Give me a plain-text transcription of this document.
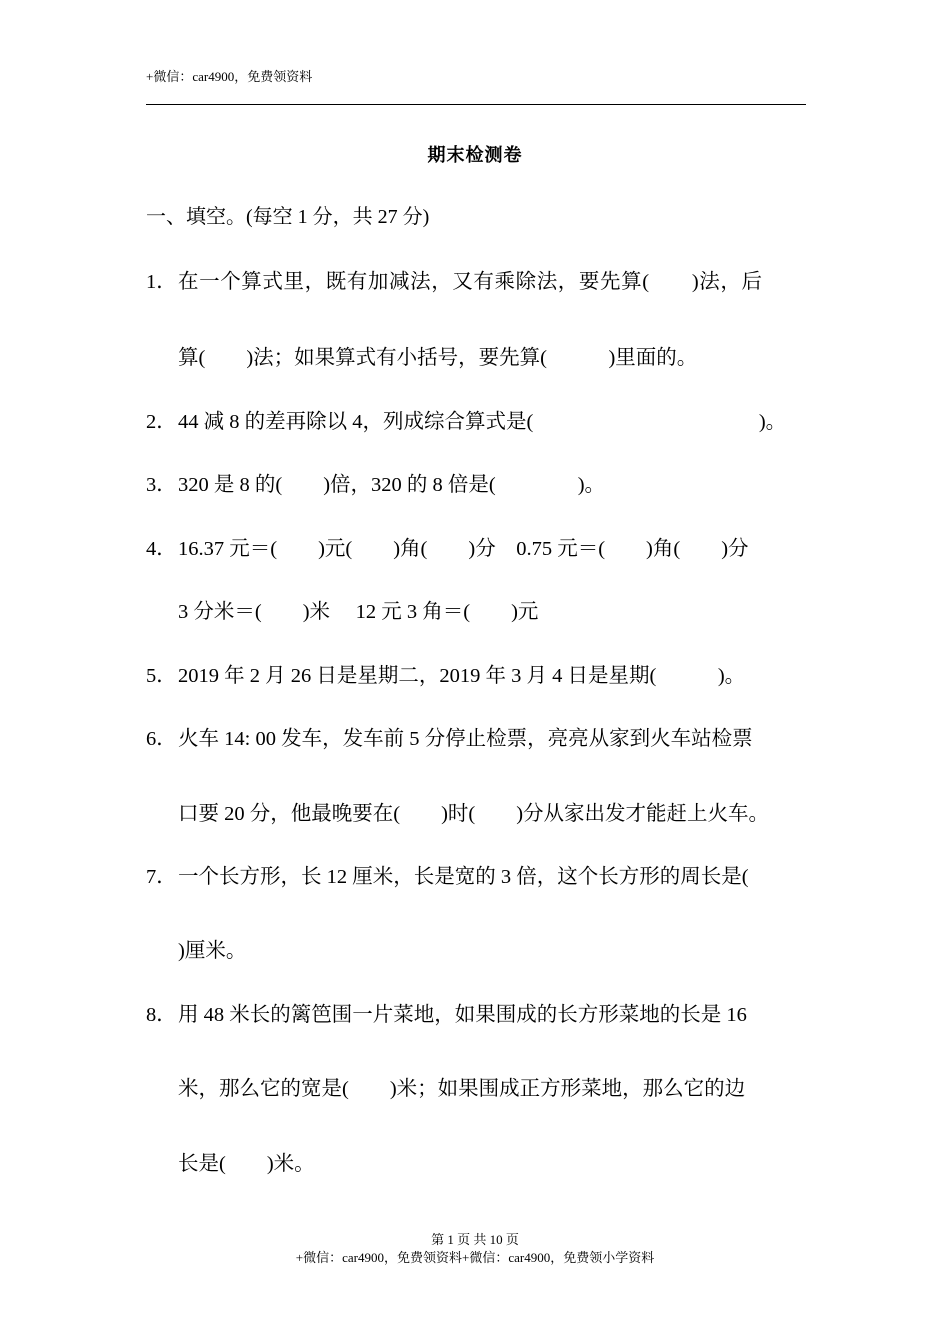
+微信：car4900，免费领资料
期末检测卷
一、填空。(每空 1 分，共 27 分)
1． 在一个算式里，既有加减法，又有乘除法，要先算(　　)法，后
算(　　)法；如果算式有小括号，要先算(　　　)里面的。
2． 44 减 8 的差再除以 4，列成综合算式是(　　　　　　　　　　　)。
3． 320 是 8 的(　　)倍，320 的 8 倍是(　　　　)。
4． 16.37 元＝(　　)元(　　)角(　　)分　0.75 元＝(　　)角(　　)分
3 分米＝(　　)米　 12 元 3 角＝(　　)元
5． 2019 年 2 月 26 日是星期二，2019 年 3 月 4 日是星期(　　　)。
6． 火车 14: 00 发车，发车前 5 分停止检票，亮亮从家到火车站检票
口要 20 分，他最晚要在(　　)时(　　)分从家出发才能赶上火车。
7． 一个长方形，长 12 厘米，长是宽的 3 倍，这个长方形的周长是(
)厘米。
8． 用 48 米长的篱笆围一片菜地，如果围成的长方形菜地的长是 16
米，那么它的宽是(　　)米；如果围成正方形菜地，那么它的边
长是(　　)米。
第 1 页 共 10 页
+微信：car4900，免费领资料+微信：car4900，免费领小学资料
